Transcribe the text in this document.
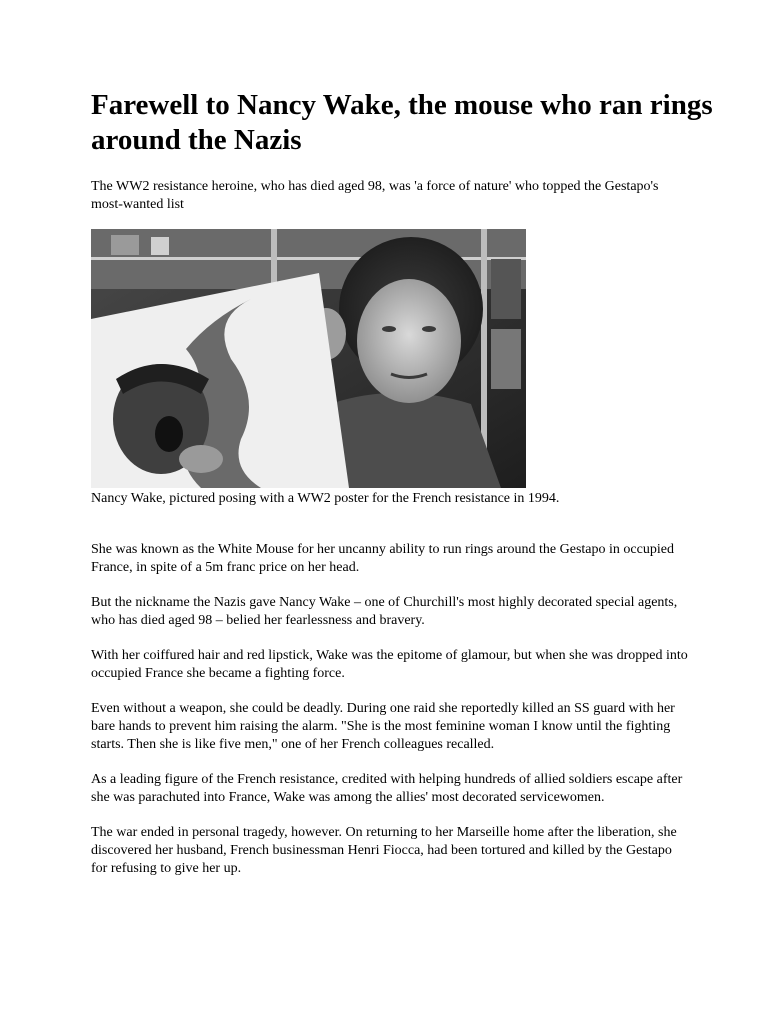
Farewell to Nancy Wake, the mouse who ran rings around the Nazis

The WW2 resistance heroine, who has died aged 98, was 'a force of nature' who topped the Gestapo's most-wanted list

Nancy Wake, pictured posing with a WW2 poster for the French resistance in 1994.

She was known as the White Mouse for her uncanny ability to run rings around the Gestapo in occupied France, in spite of a 5m franc price on her head.

But the nickname the Nazis gave Nancy Wake – one of Churchill's most highly decorated special agents, who has died aged 98 – belied her fearlessness and bravery.

With her coiffured hair and red lipstick, Wake was the epitome of glamour, but when she was dropped into occupied France she became a fighting force.

Even without a weapon, she could be deadly. During one raid she reportedly killed an SS guard with her bare hands to prevent him raising the alarm. "She is the most feminine woman I know until the fighting starts. Then she is like five men," one of her French colleagues recalled.

As a leading figure of the French resistance, credited with helping hundreds of allied soldiers escape after she was parachuted into France, Wake was among the allies' most decorated servicewomen.

The war ended in personal tragedy, however. On returning to her Marseille home after the liberation, she discovered her husband, French businessman Henri Fiocca, had been tortured and killed by the Gestapo for refusing to give her up.
